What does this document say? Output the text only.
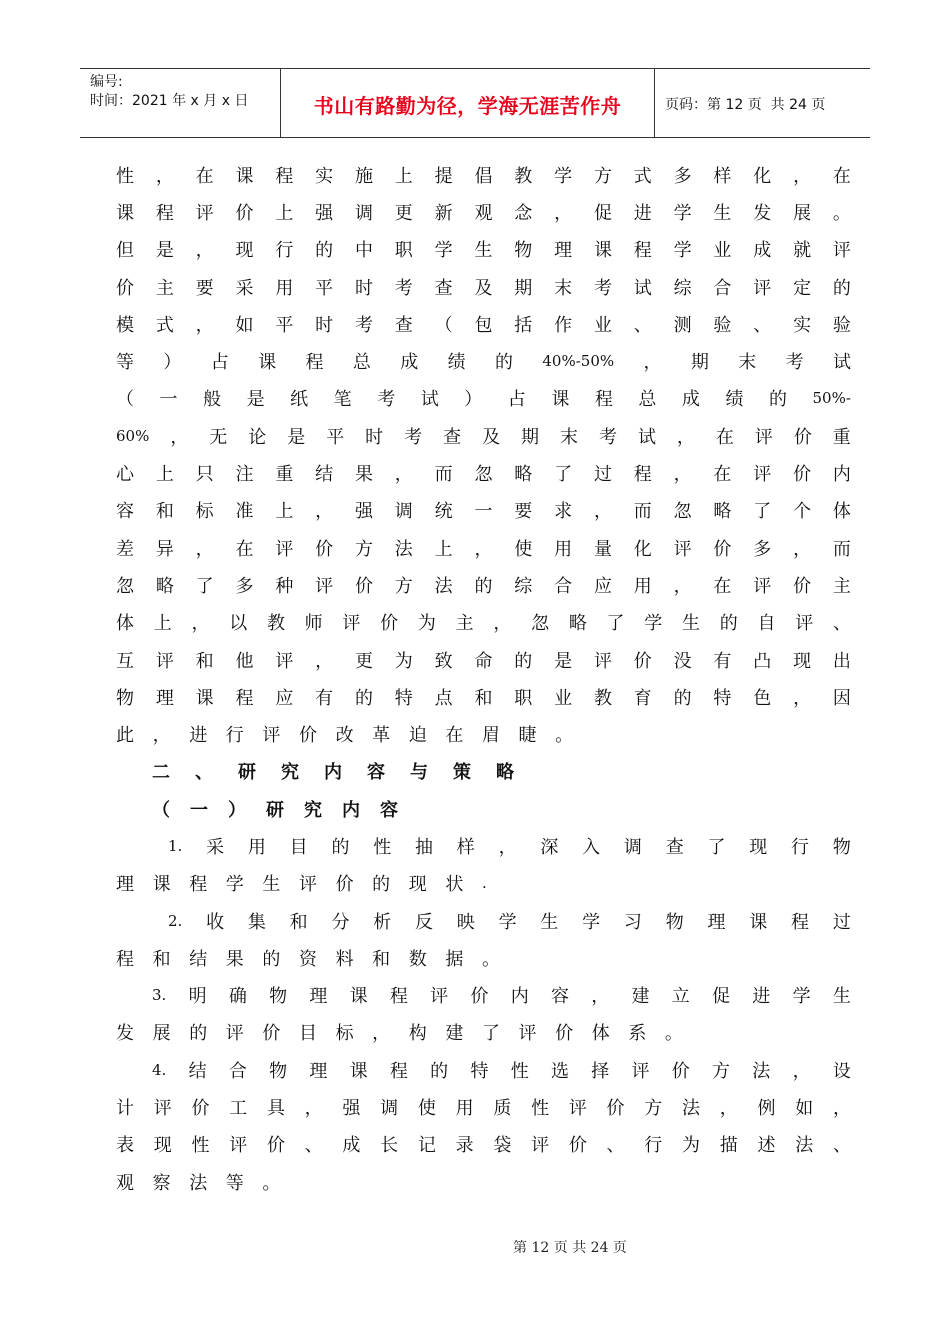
编号:
时间：2021 年 x 月 x 日	书山有路勤为径，学海无涯苦作舟	页码：第 12 页  共 24 页
性 ， 在 课 程 实 施 上 提 倡 教 学 方 式 多 样 化 ， 在
课 程 评 价 上 强 调 更 新 观 念 ， 促 进 学 生 发 展 。
但 是 ， 现 行 的 中 职 学 生 物 理 课 程 学 业 成 就 评
价 主 要 采 用 平 时 考 查 及 期 末 考 试 综 合 评 定 的
模 式 ， 如 平 时 考 查 （ 包 括 作 业 、 测 验 、 实 验
等 ） 占 课 程 总 成 绩 的 40%-50% ， 期 末 考 试
（ 一 般 是 纸 笔 考 试 ） 占 课 程 总 成 绩 的 50%-
60% ， 无 论 是 平 时 考 查 及 期 末 考 试 ， 在 评 价 重
心 上 只 注 重 结 果 ， 而 忽 略 了 过 程 ， 在 评 价 内
容 和 标 准 上 ， 强 调 统 一 要 求 ， 而 忽 略 了 个 体
差 异 ， 在 评 价 方 法 上 ， 使 用 量 化 评 价 多 ， 而
忽 略 了 多 种 评 价 方 法 的 综 合 应 用 ， 在 评 价 主
体 上 ， 以 教 师 评 价 为 主 ， 忽 略 了 学 生 的 自 评 、
互 评 和 他 评 ， 更 为 致 命 的 是 评 价 没 有 凸 现 出
物 理 课 程 应 有 的 特 点 和 职 业 教 育 的 特 色 ， 因
此 ， 进 行 评 价 改 革 迫 在 眉 睫 。
二 、 研 究 内 容 与 策 略
（ 一 ） 研 究 内 容
1. 采 用 目 的 性 抽 样 ， 深 入 调 查 了 现 行 物
理 课 程 学 生 评 价 的 现 状 .
2. 收 集 和 分 析 反 映 学 生 学 习 物 理 课 程 过
程 和 结 果 的 资 料 和 数 据 。
3. 明 确 物 理 课 程 评 价 内 容 ， 建 立 促 进 学 生
发 展 的 评 价 目 标 ， 构 建 了 评 价 体 系 。
4. 结 合 物 理 课 程 的 特 性 选 择 评 价 方 法 ， 设
计 评 价 工 具 ， 强 调 使 用 质 性 评 价 方 法 ， 例 如 ，
表 现 性 评 价 、 成 长 记 录 袋 评 价 、 行 为 描 述 法 、
观 察 法 等 。
第 12 页 共 24 页
